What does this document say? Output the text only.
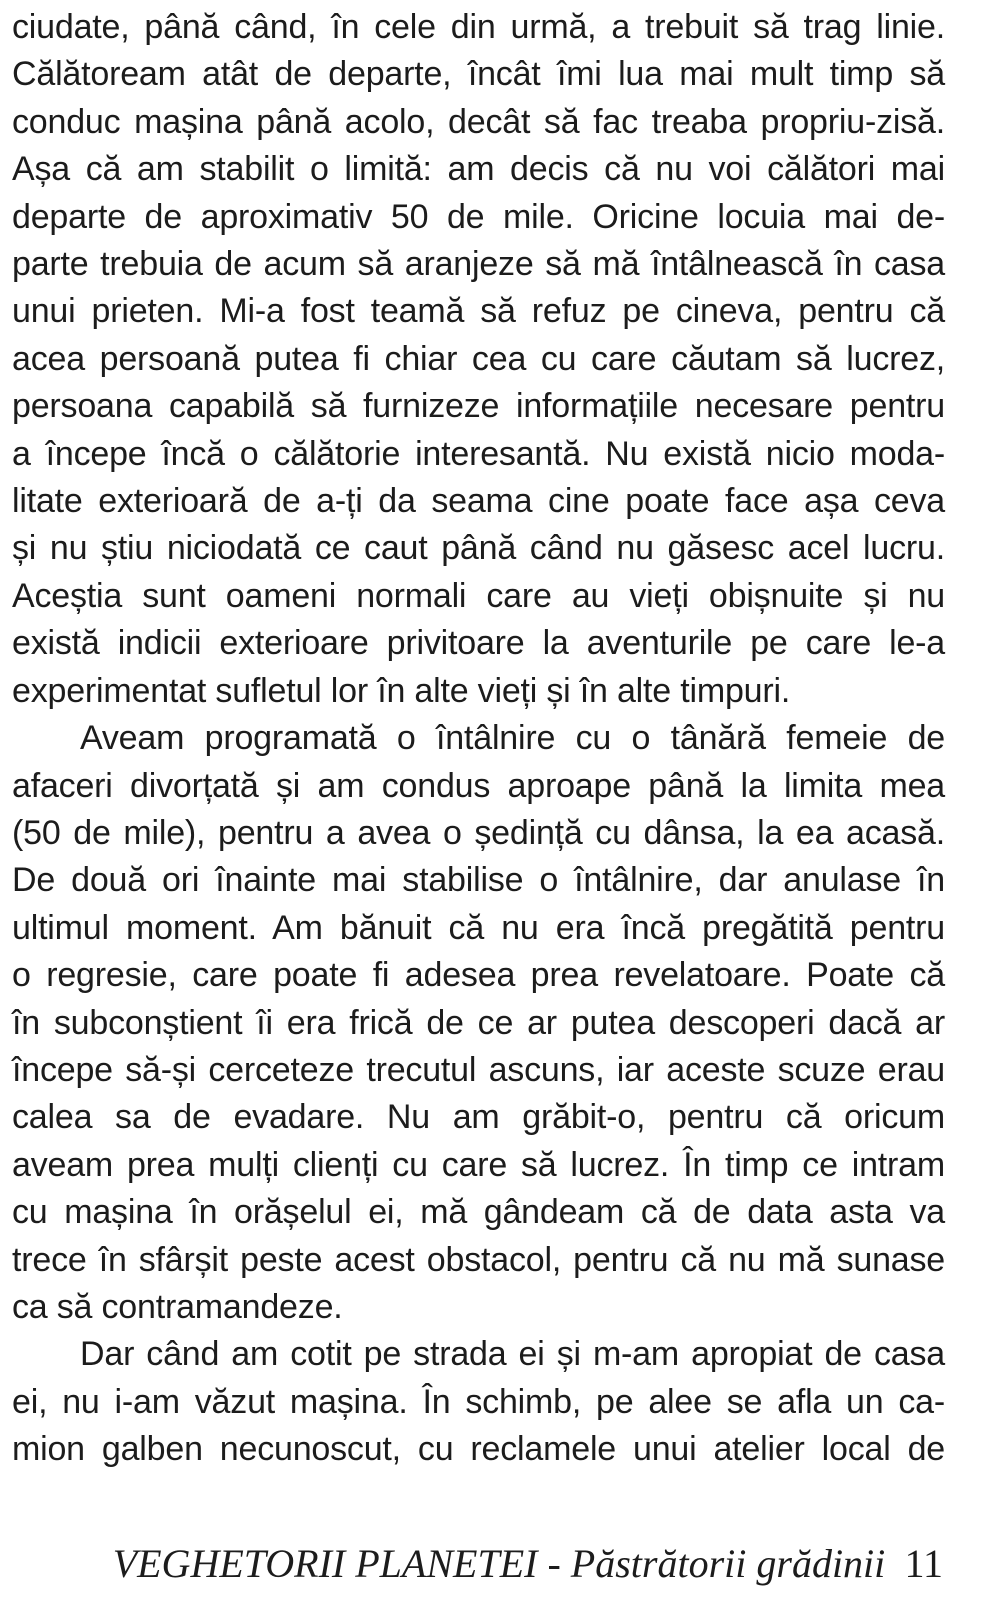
ciudate, până când, în cele din urmă, a trebuit să trag linie.
Călătoream atât de departe, încât îmi lua mai mult timp să
conduc mașina până acolo, decât să fac treaba propriu-zisă.
Așa că am stabilit o limită: am decis că nu voi călători mai
departe de aproximativ 50 de mile. Oricine locuia mai de-
parte trebuia de acum să aranjeze să mă întâlnească în casa
unui prieten. Mi-a fost teamă să refuz pe cineva, pentru că
acea persoană putea fi chiar cea cu care căutam să lucrez,
persoana capabilă să furnizeze informațiile necesare pentru
a începe încă o călătorie interesantă. Nu există nicio moda-
litate exterioară de a-ți da seama cine poate face așa ceva
și nu știu niciodată ce caut până când nu găsesc acel lucru.
Aceștia sunt oameni normali care au vieți obișnuite și nu
există indicii exterioare privitoare la aventurile pe care le-a
experimentat sufletul lor în alte vieți și în alte timpuri.
Aveam programată o întâlnire cu o tânără femeie de
afaceri divorțată și am condus aproape până la limita mea
(50 de mile), pentru a avea o ședință cu dânsa, la ea acasă.
De două ori înainte mai stabilise o întâlnire, dar anulase în
ultimul moment. Am bănuit că nu era încă pregătită pentru
o regresie, care poate fi adesea prea revelatoare. Poate că
în subconștient îi era frică de ce ar putea descoperi dacă ar
începe să-și cerceteze trecutul ascuns, iar aceste scuze erau
calea sa de evadare. Nu am grăbit-o, pentru că oricum
aveam prea mulți clienți cu care să lucrez. În timp ce intram
cu mașina în orășelul ei, mă gândeam că de data asta va
trece în sfârșit peste acest obstacol, pentru că nu mă sunase
ca să contramandeze.
Dar când am cotit pe strada ei și m-am apropiat de casa
ei, nu i-am văzut mașina. În schimb, pe alee se afla un ca-
mion galben necunoscut, cu reclamele unui atelier local de
VEGHETORII PLANETEI - Păstrătorii grădinii 11
